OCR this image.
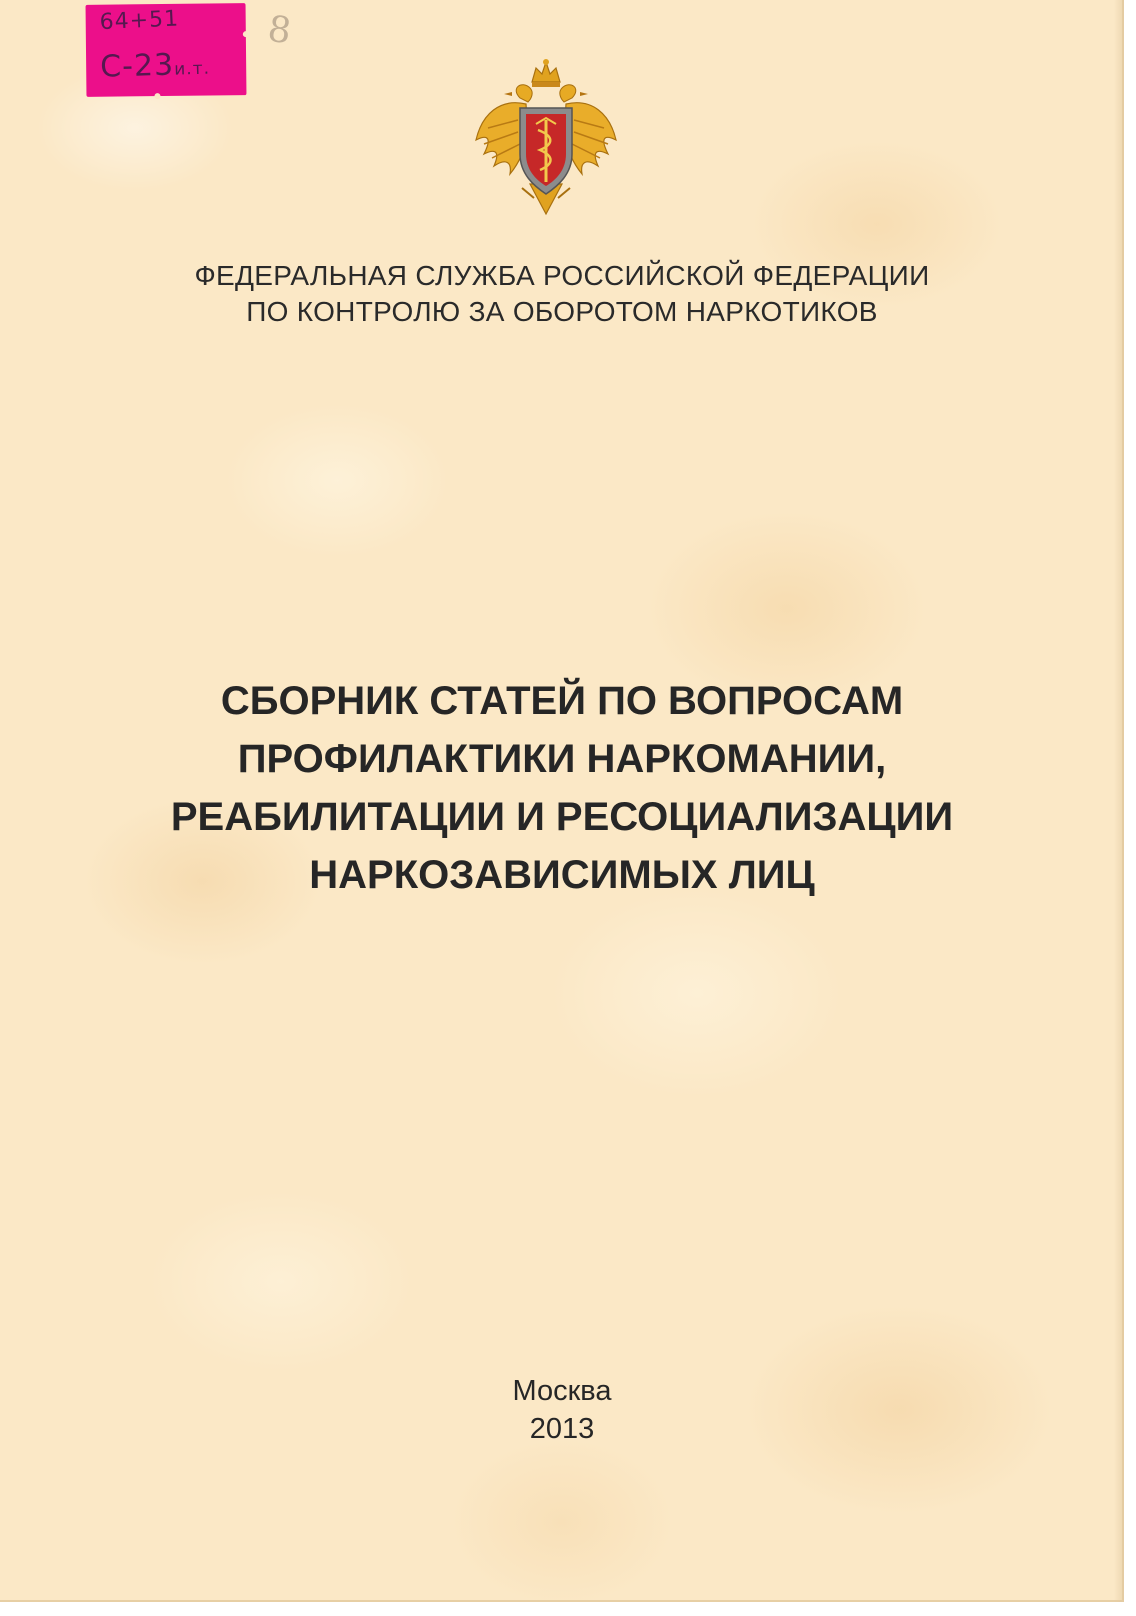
64+51
С-23и.т.
8
ФЕДЕРАЛЬНАЯ СЛУЖБА РОССИЙСКОЙ ФЕДЕРАЦИИ
ПО КОНТРОЛЮ ЗА ОБОРОТОМ НАРКОТИКОВ
СБОРНИК СТАТЕЙ ПО ВОПРОСАМ
ПРОФИЛАКТИКИ НАРКОМАНИИ,
РЕАБИЛИТАЦИИ И РЕСОЦИАЛИЗАЦИИ
НАРКОЗАВИСИМЫХ ЛИЦ
Москва
2013
